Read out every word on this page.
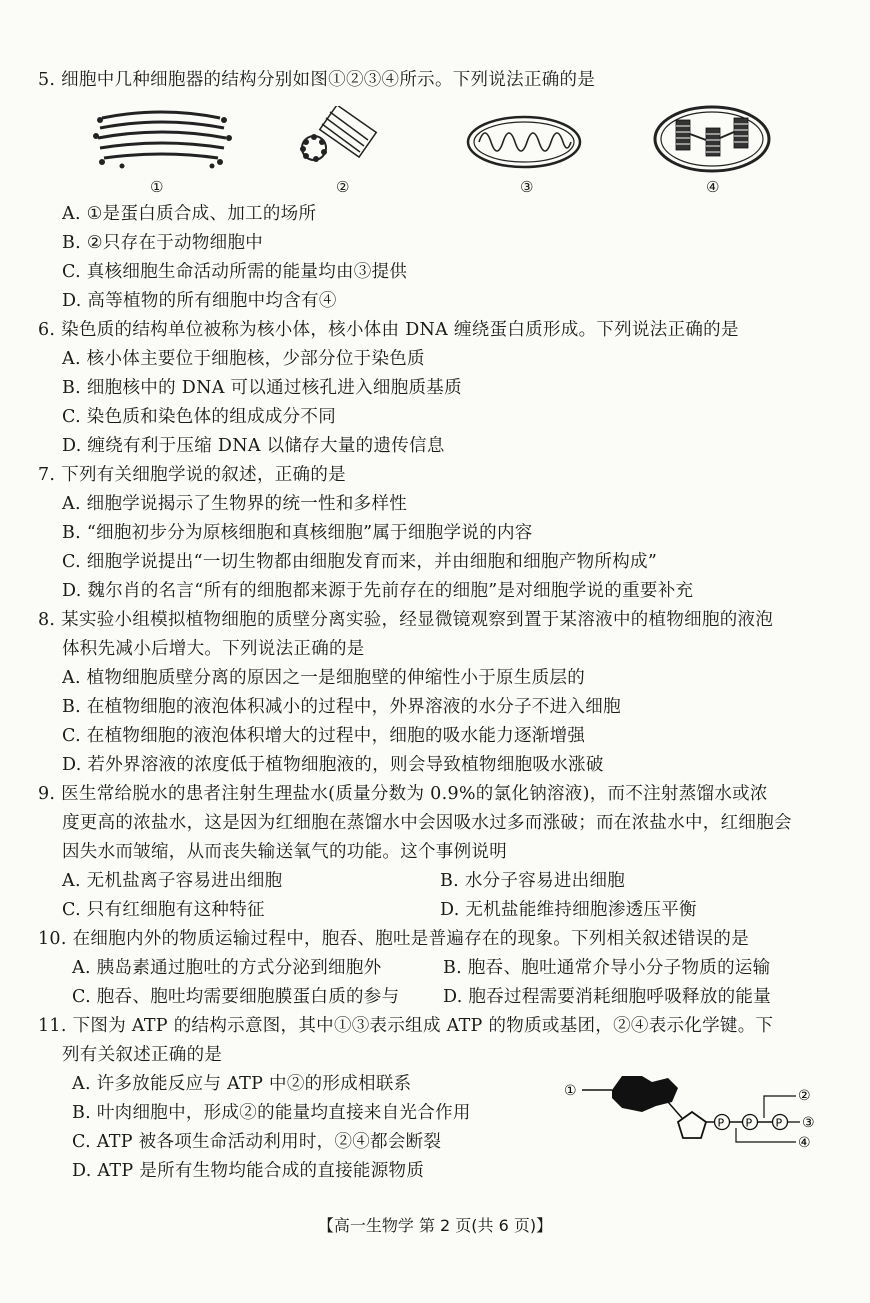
5. 细胞中几种细胞器的结构分别如图①②③④所示。下列说法正确的是
①	②	③	④
A. ①是蛋白质合成、加工的场所
B. ②只存在于动物细胞中
C. 真核细胞生命活动所需的能量均由③提供
D. 高等植物的所有细胞中均含有④
6. 染色质的结构单位被称为核小体，核小体由 DNA 缠绕蛋白质形成。下列说法正确的是
A. 核小体主要位于细胞核，少部分位于染色质
B. 细胞核中的 DNA 可以通过核孔进入细胞质基质
C. 染色质和染色体的组成成分不同
D. 缠绕有利于压缩 DNA 以储存大量的遗传信息
7. 下列有关细胞学说的叙述，正确的是
A. 细胞学说揭示了生物界的统一性和多样性
B. “细胞初步分为原核细胞和真核细胞”属于细胞学说的内容
C. 细胞学说提出“一切生物都由细胞发育而来，并由细胞和细胞产物所构成”
D. 魏尔肖的名言“所有的细胞都来源于先前存在的细胞”是对细胞学说的重要补充
8. 某实验小组模拟植物细胞的质壁分离实验，经显微镜观察到置于某溶液中的植物细胞的液泡
体积先减小后增大。下列说法正确的是
A. 植物细胞质壁分离的原因之一是细胞壁的伸缩性小于原生质层的
B. 在植物细胞的液泡体积减小的过程中，外界溶液的水分子不进入细胞
C. 在植物细胞的液泡体积增大的过程中，细胞的吸水能力逐渐增强
D. 若外界溶液的浓度低于植物细胞液的，则会导致植物细胞吸水涨破
9. 医生常给脱水的患者注射生理盐水(质量分数为 0.9%的氯化钠溶液)，而不注射蒸馏水或浓
度更高的浓盐水，这是因为红细胞在蒸馏水中会因吸水过多而涨破；而在浓盐水中，红细胞会
因失水而皱缩，从而丧失输送氧气的功能。这个事例说明
A. 无机盐离子容易进出细胞	B. 水分子容易进出细胞
C. 只有红细胞有这种特征	D. 无机盐能维持细胞渗透压平衡
10. 在细胞内外的物质运输过程中，胞吞、胞吐是普遍存在的现象。下列相关叙述错误的是
A. 胰岛素通过胞吐的方式分泌到细胞外	B. 胞吞、胞吐通常介导小分子物质的运输
C. 胞吞、胞吐均需要细胞膜蛋白质的参与 D. 胞吞过程需要消耗细胞呼吸释放的能量
11. 下图为 ATP 的结构示意图，其中①③表示组成 ATP 的物质或基团，②④表示化学键。下
列有关叙述正确的是
A. 许多放能反应与 ATP 中②的形成相联系
B. 叶肉细胞中，形成②的能量均直接来自光合作用
C. ATP 被各项生命活动利用时，②④都会断裂
D. ATP 是所有生物均能合成的直接能源物质
①	②
③
④
P P P
【高一生物学 第 2 页(共 6 页)】
